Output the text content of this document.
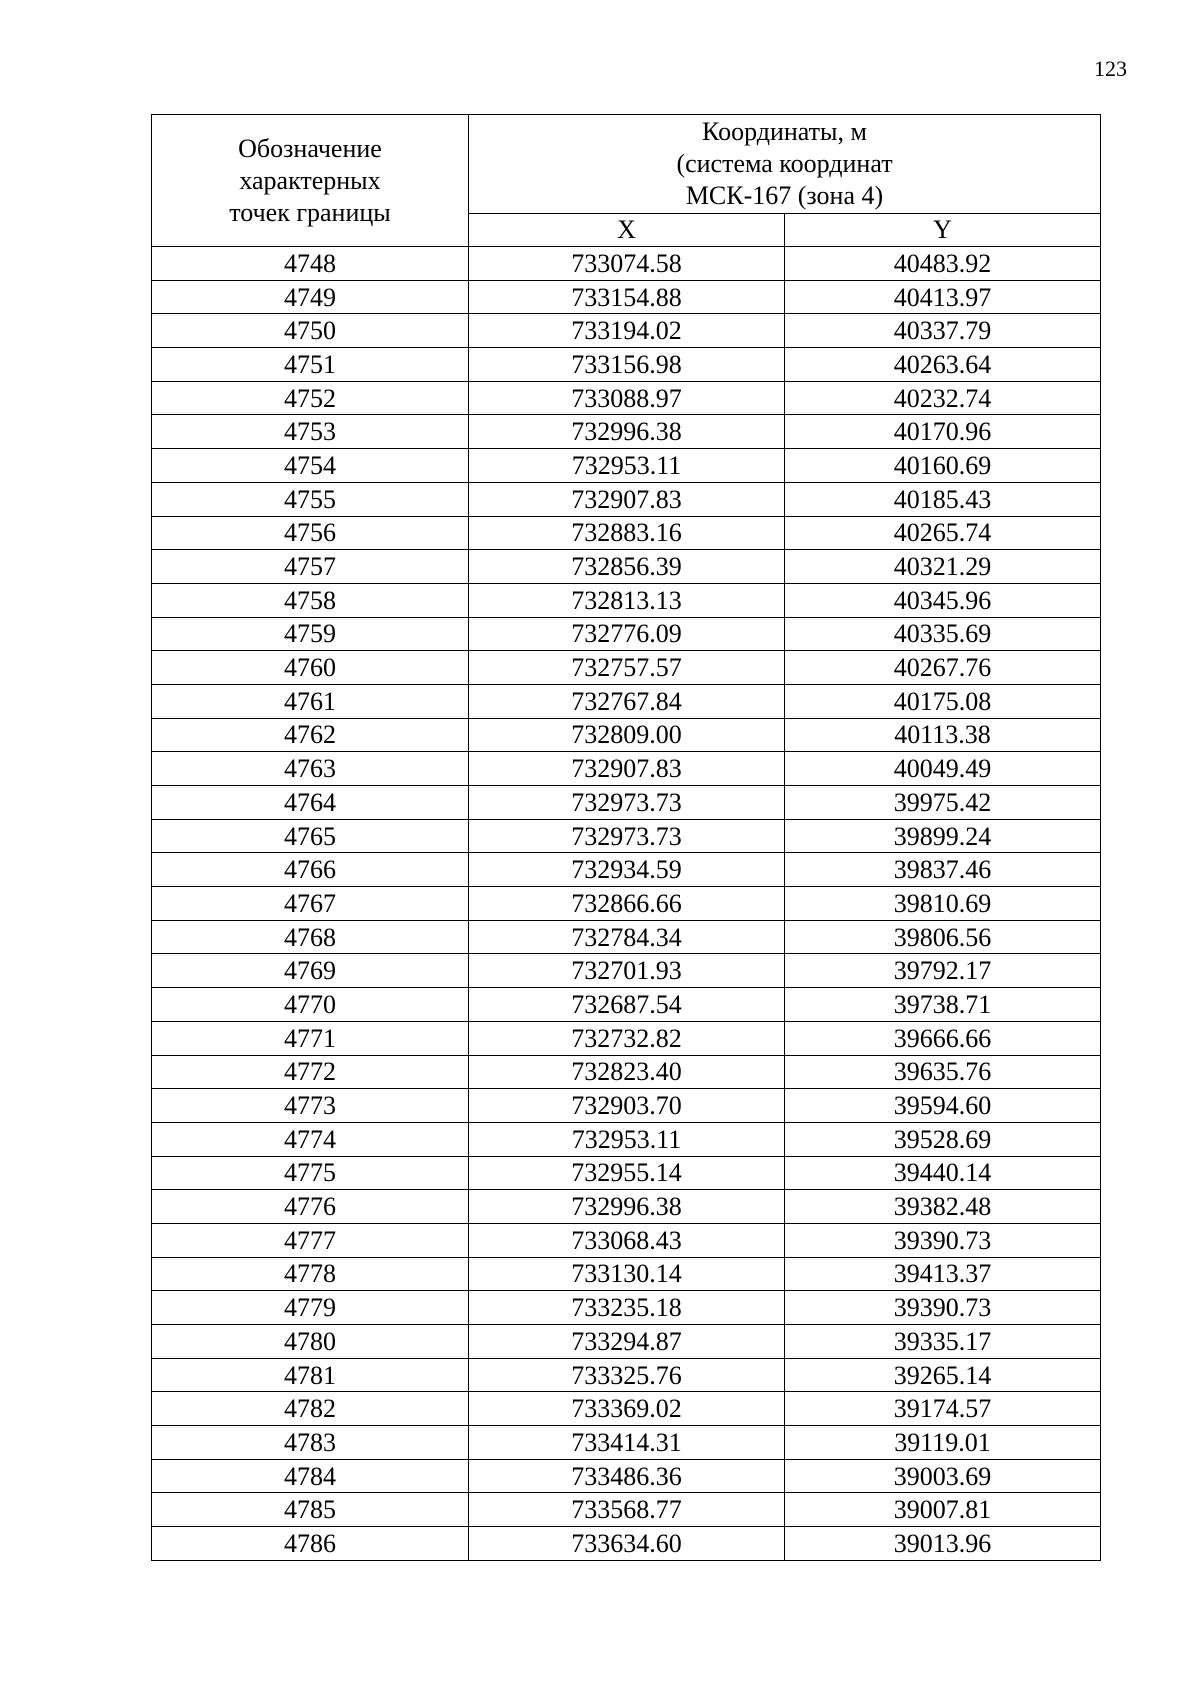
123
Обозначение
характерных
точек границы	Координаты, м
(система координат
МСК-167 (зона 4)	
	X	Y
4748	733074.58	40483.92
4749	733154.88	40413.97
4750	733194.02	40337.79
4751	733156.98	40263.64
4752	733088.97	40232.74
4753	732996.38	40170.96
4754	732953.11	40160.69
4755	732907.83	40185.43
4756	732883.16	40265.74
4757	732856.39	40321.29
4758	732813.13	40345.96
4759	732776.09	40335.69
4760	732757.57	40267.76
4761	732767.84	40175.08
4762	732809.00	40113.38
4763	732907.83	40049.49
4764	732973.73	39975.42
4765	732973.73	39899.24
4766	732934.59	39837.46
4767	732866.66	39810.69
4768	732784.34	39806.56
4769	732701.93	39792.17
4770	732687.54	39738.71
4771	732732.82	39666.66
4772	732823.40	39635.76
4773	732903.70	39594.60
4774	732953.11	39528.69
4775	732955.14	39440.14
4776	732996.38	39382.48
4777	733068.43	39390.73
4778	733130.14	39413.37
4779	733235.18	39390.73
4780	733294.87	39335.17
4781	733325.76	39265.14
4782	733369.02	39174.57
4783	733414.31	39119.01
4784	733486.36	39003.69
4785	733568.77	39007.81
4786	733634.60	39013.96
